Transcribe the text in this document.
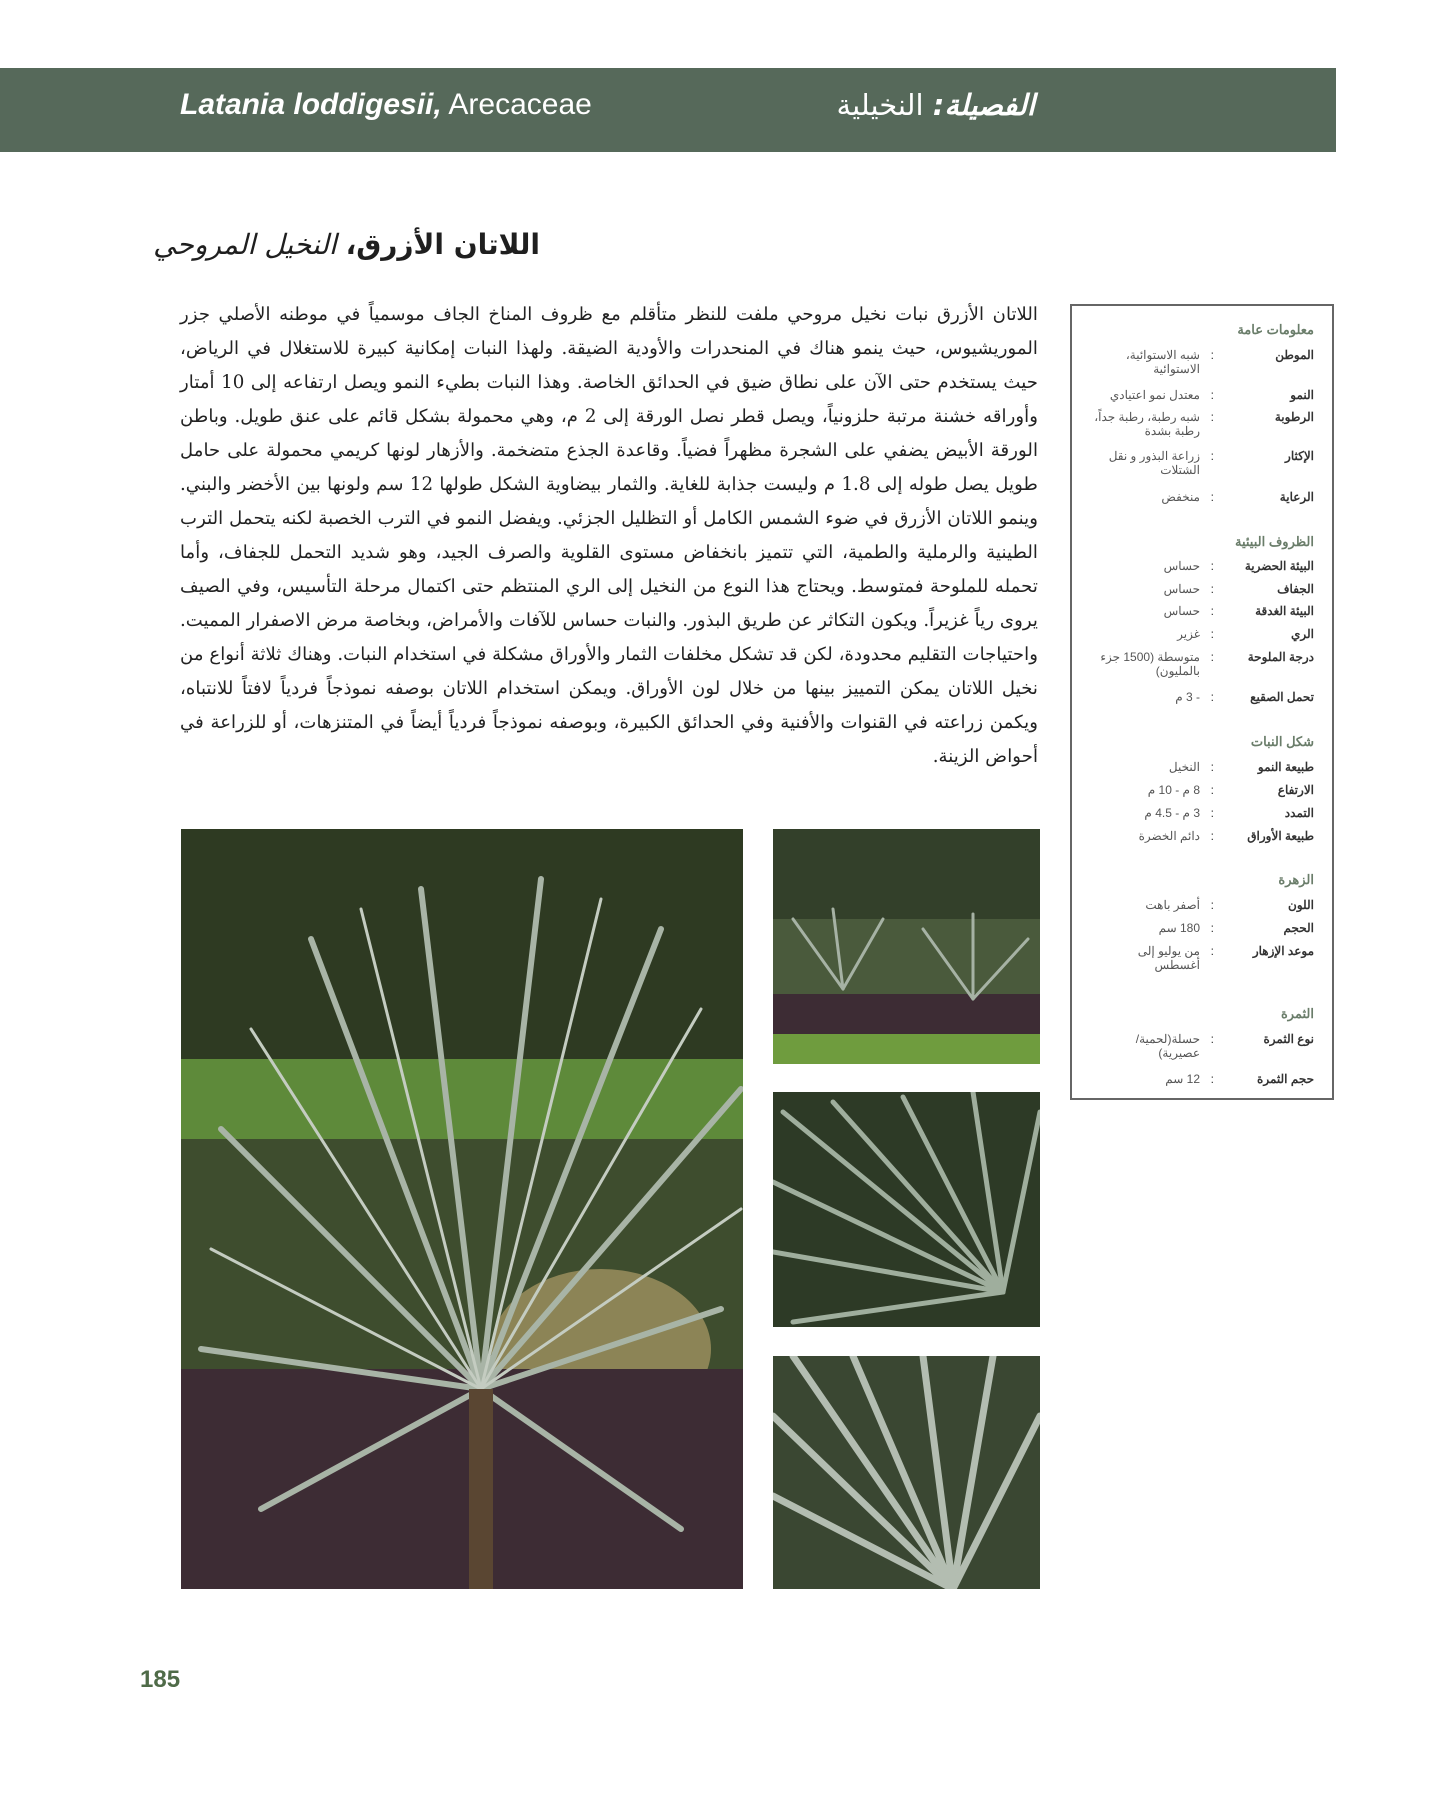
Latania loddigesii, Arecaceae	الفصيلة: النخيلية
اللاتان الأزرق، النخيل المروحي
اللاتان الأزرق نبات نخيل مروحي ملفت للنظر متأقلم مع ظروف المناخ الجاف موسمياً في موطنه الأصلي جزر الموريشيوس، حيث ينمو هناك في المنحدرات والأودية الضيقة. ولهذا النبات إمكانية كبيرة للاستغلال في الرياض، حيث يستخدم حتى الآن على نطاق ضيق في الحدائق الخاصة. وهذا النبات بطيء النمو ويصل ارتفاعه إلى 10 أمتار وأوراقه خشنة مرتبة حلزونياً، ويصل قطر نصل الورقة إلى 2 م، وهي محمولة بشكل قائم على عنق طويل. وباطن الورقة الأبيض يضفي على الشجرة مظهراً فضياً. وقاعدة الجذع متضخمة. والأزهار لونها كريمي محمولة على حامل طويل يصل طوله إلى 1.8 م وليست جذابة للغاية. والثمار بيضاوية الشكل طولها 12 سم ولونها بين الأخضر والبني. وينمو اللاتان الأزرق في ضوء الشمس الكامل أو التظليل الجزئي. ويفضل النمو في الترب الخصبة لكنه يتحمل الترب الطينية والرملية والطمية، التي تتميز بانخفاض مستوى القلوية والصرف الجيد، وهو شديد التحمل للجفاف، وأما تحمله للملوحة فمتوسط. ويحتاج هذا النوع من النخيل إلى الري المنتظم حتى اكتمال مرحلة التأسيس، وفي الصيف يروى رياً غزيراً. ويكون التكاثر عن طريق البذور. والنبات حساس للآفات والأمراض، وبخاصة مرض الاصفرار المميت. واحتياجات التقليم محدودة، لكن قد تشكل مخلفات الثمار والأوراق مشكلة في استخدام النبات. وهناك ثلاثة أنواع من نخيل اللاتان يمكن التمييز بينها من خلال لون الأوراق. ويمكن استخدام اللاتان بوصفه نموذجاً فردياً لافتاً للانتباه، ويكمن زراعته في القنوات والأفنية وفي الحدائق الكبيرة، وبوصفه نموذجاً فردياً أيضاً في المتنزهات، أو للزراعة في أحواض الزينة.
معلومات عامة
الموطن
:
شبه الاستوائية، الاستوائية
النمو
:
معتدل نمو اعتيادي
الرطوبة
:
شبه رطبة، رطبة جداً، رطبة بشدة
الإكثار
:
زراعة البذور و نقل الشتلات
الرعاية
:
منخفض
الظروف البيئية
البيئة الحضرية
:
حساس
الجفاف
:
حساس
البيئة الغدقة
:
حساس
الري
:
غزير
درجة الملوحة
:
متوسطة (1500 جزء بالمليون)
تحمل الصقيع
:
- 3 م
شكل النبات
طبيعة النمو
:
النخيل
الارتفاع
:
8 م - 10 م
التمدد
:
3 م - 4.5 م
طبيعة الأوراق
:
دائم الخضرة
الزهرة
اللون
:
أصفر باهت
الحجم
:
180 سم
موعد الإزهار
:
من يوليو إلى أغسطس
الثمرة
نوع الثمرة
:
حسلة(لحمية/ عصيرية)
حجم الثمرة
:
12 سم
185
